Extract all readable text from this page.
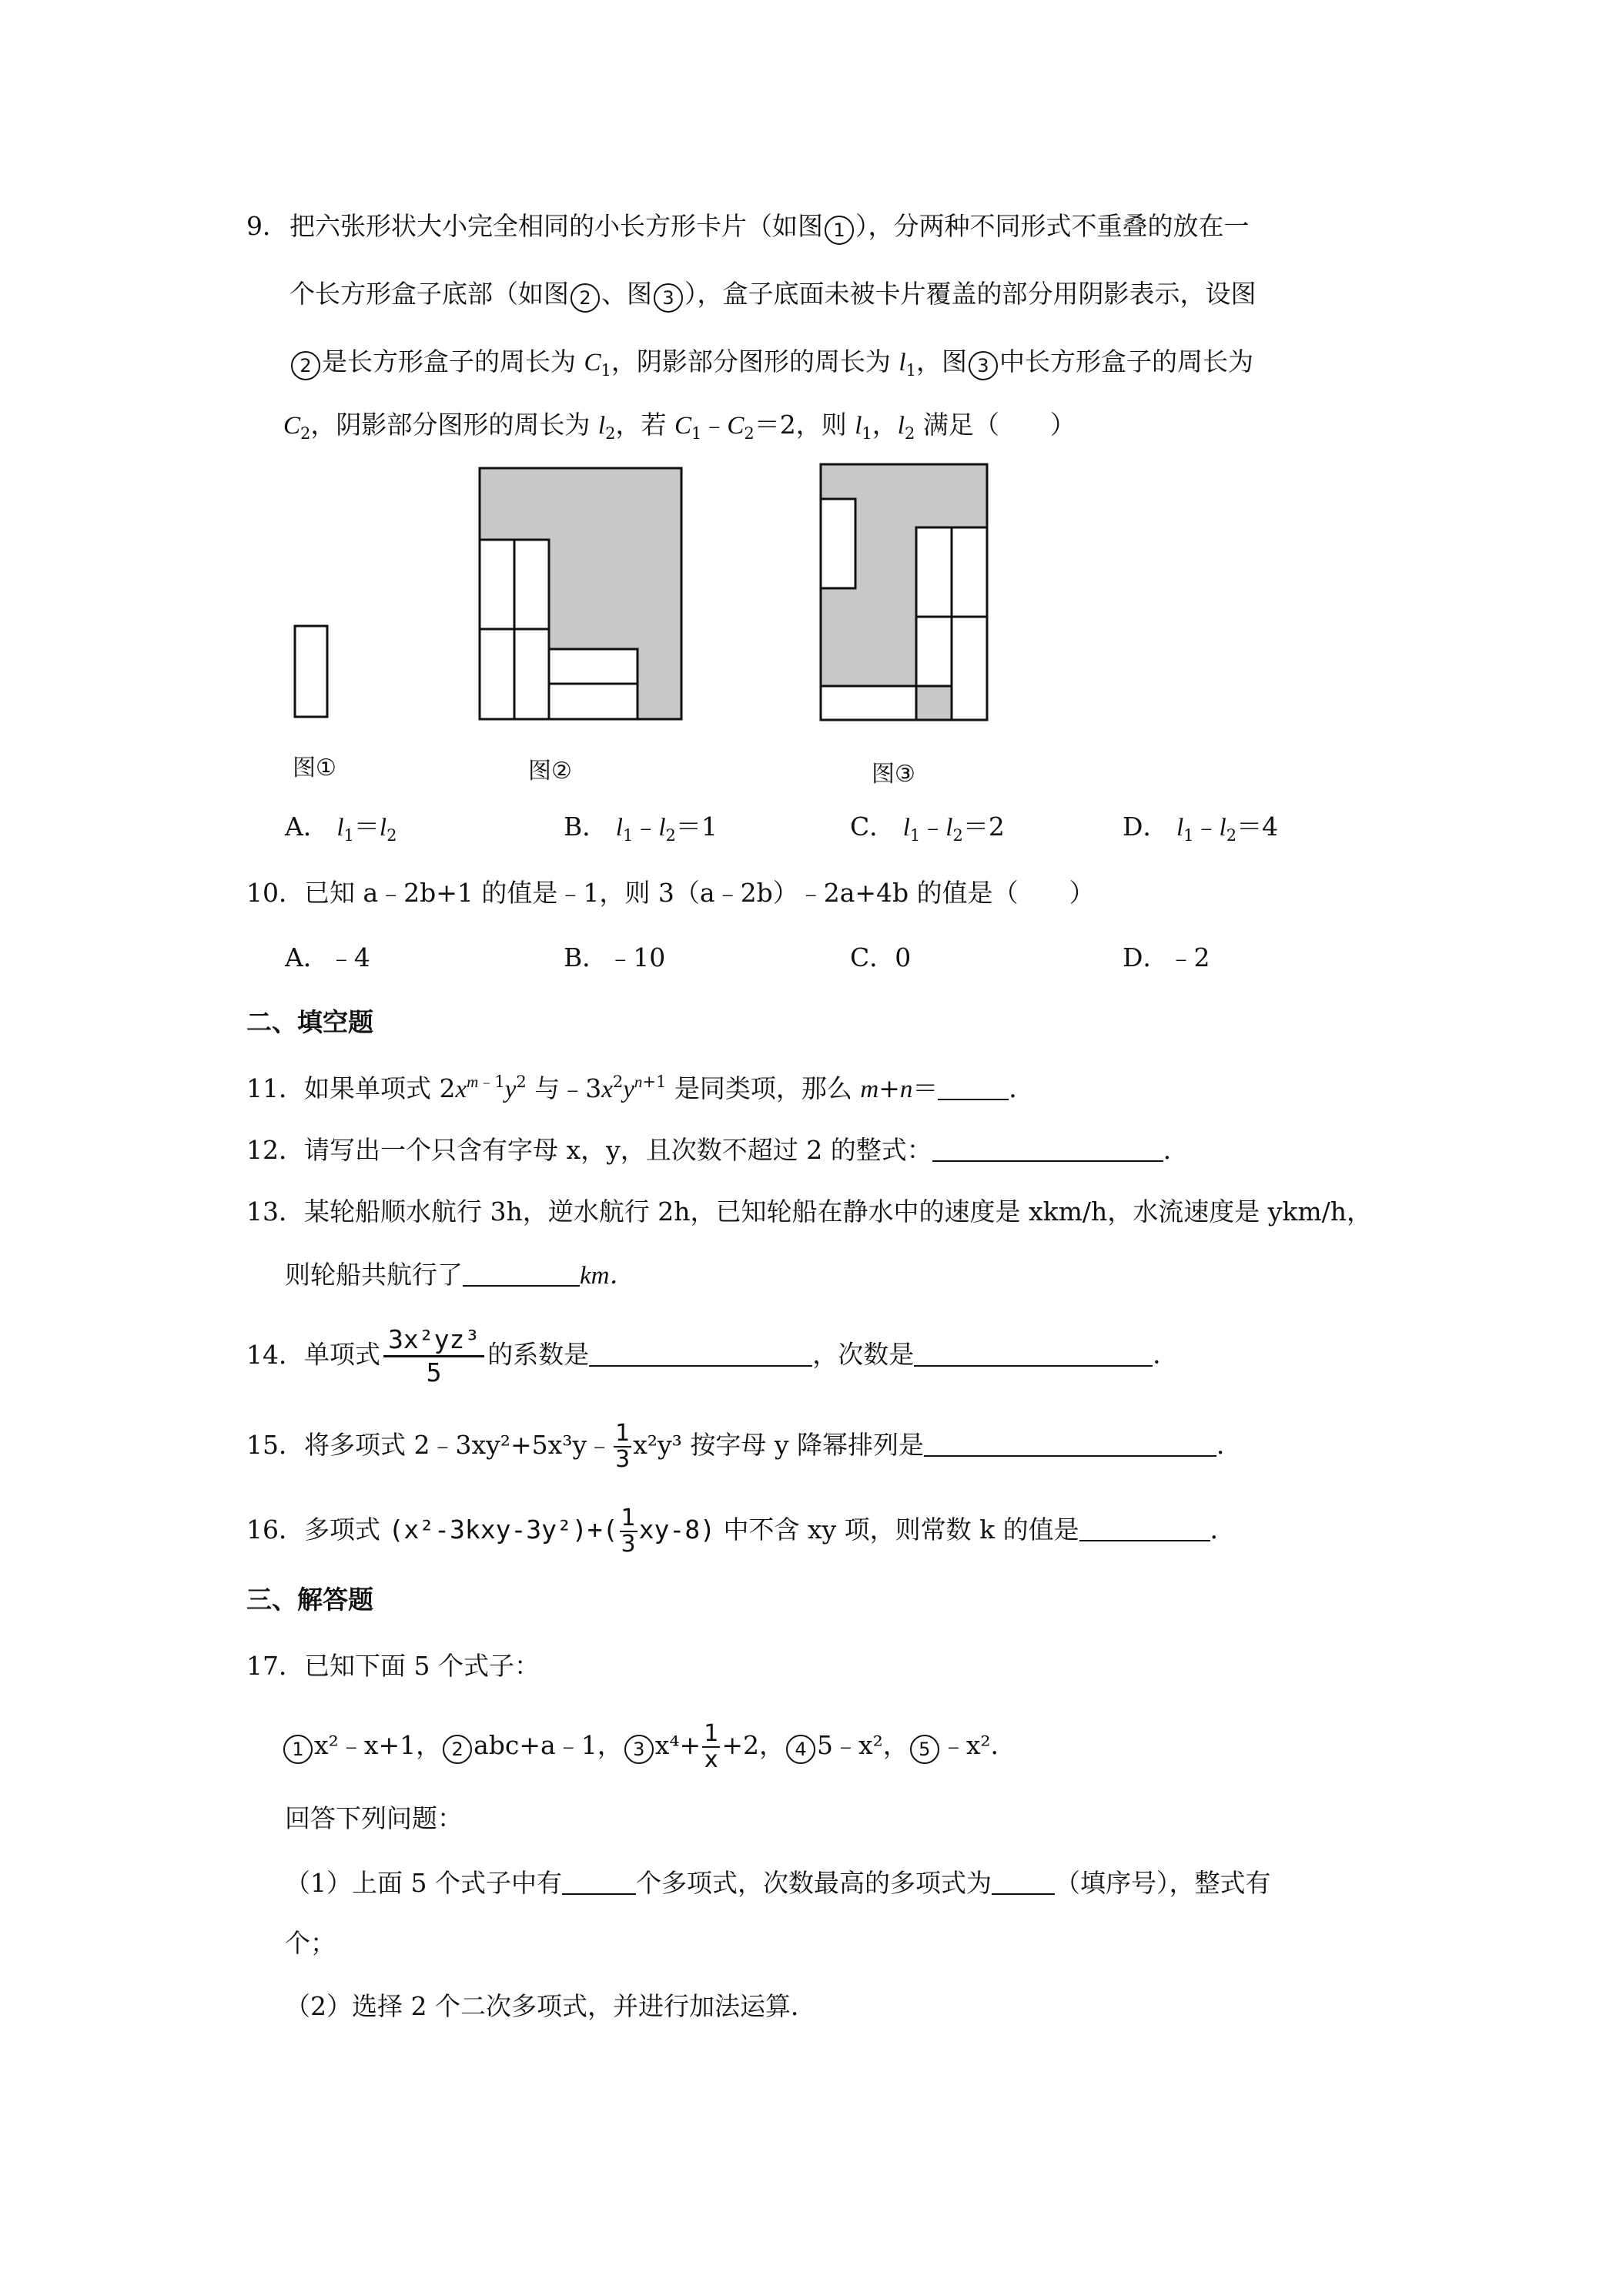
9．把六张形状大小完全相同的小长方形卡片（如图 1 ），分两种不同形式不重叠的放在一
个长方形盒子底部（如图 2 、图 3 ），盒子底面未被卡片覆盖的部分用阴影表示，设图
2 是长方形盒子的周长为 $C_1$，阴影部分图形的周长为 $l_1$，图 3 中长方形盒子的周长为
$C_2$，阴影部分图形的周长为 $l_2$，若 $C_1﹣C_2=2$，则 $l_1$，$l_2$ 满足（　　）
图①	图②	图③
A． $l_1=l_2$	B． $l_1﹣l_2=1$	C． $l_1﹣l_2=2$	D． $l_1﹣l_2=4$
10．已知 a﹣2b+1 的值是﹣1，则 3（a﹣2b）﹣2a+4b 的值是（　　）
A．﹣4	B．﹣10	C．0	D．﹣2
二、填空题
11．如果单项式 $2x^{m﹣1}y^2$ 与$﹣3x^2y^{n+1}$ 是同类项，那么 m+n＝	．
12．请写出一个只含有字母 x，y，且次数不超过 2 的整式：	．
13．某轮船顺水航行 3h，逆水航行 2h，已知轮船在静水中的速度是 xkm/h，水流速度是 ykm/h，
则轮船共航行了	km．
14．单项式 $\frac{\text{3x²yz³}}{5}$ 的系数是	，次数是	．
15．将多项式 2﹣3xy²+5x³y﹣ $\frac{1}{3} x^2y^3$ 按字母 y 降幂排列是	．
16．多项式 $(x^2-3kxy-3y^2)+( \frac{1}{3} xy-8)$ 中不含 xy 项，则常数 k 的值是	．
三、解答题
17．已知下面 5 个式子：
1 x²﹣x+1， 2 abc+a﹣1， 3 $x^4+ \frac{1}{x} +2$， 4 5﹣x²， 5 ﹣x²．
回答下列问题：
（1）上面 5 个式子中有	个多项式，次数最高的多项式为 （填序号），整式有
个；
（2）选择 2 个二次多项式，并进行加法运算．
